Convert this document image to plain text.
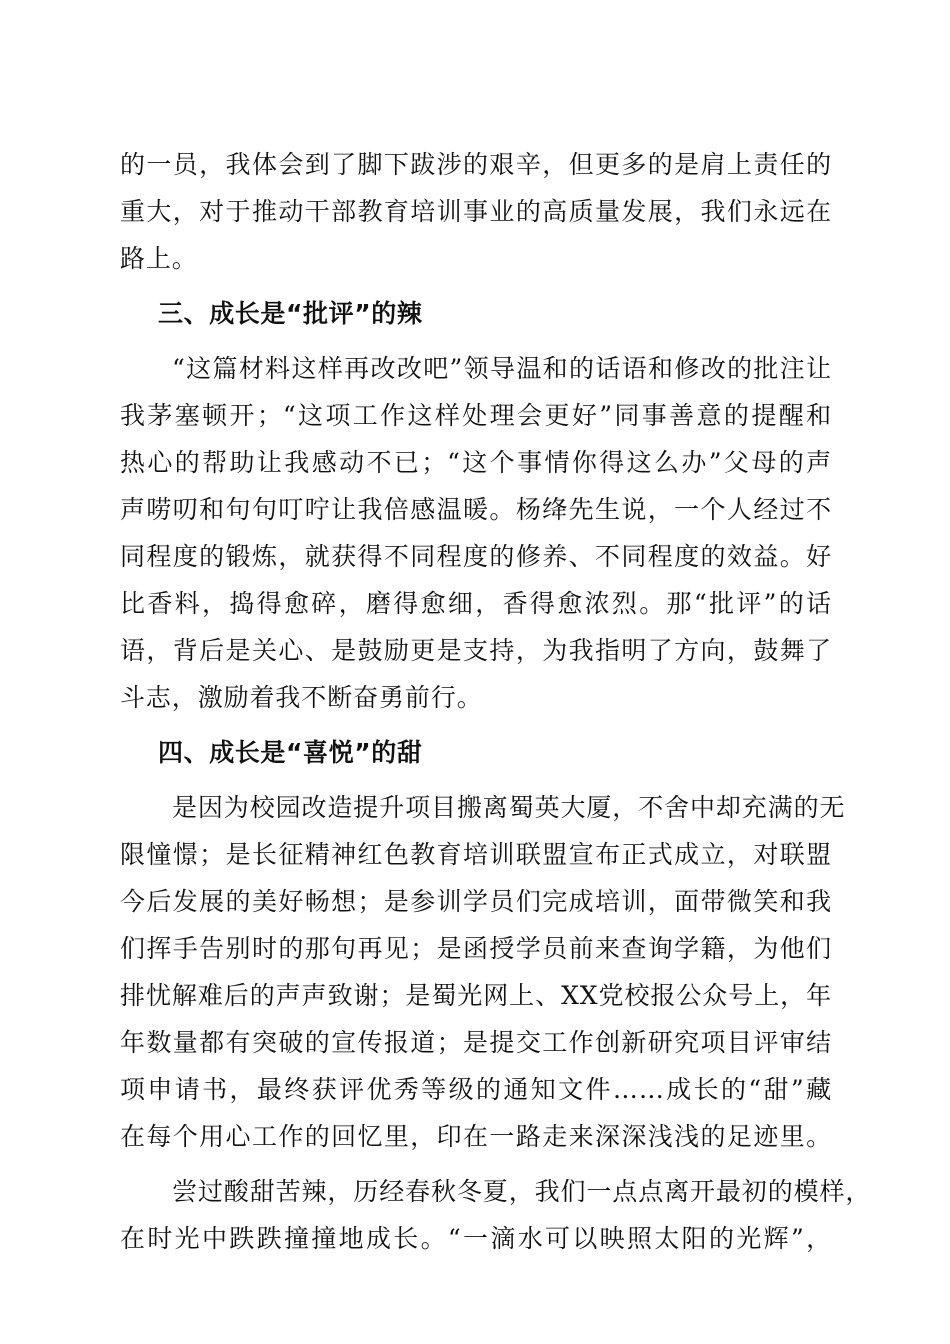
的一员，我体会到了脚下跋涉的艰辛，但更多的是肩上责任的
重大，对于推动干部教育培训事业的高质量发展，我们永远在
路上。
三、成长是“批评”的辣
“这篇材料这样再改改吧”领导温和的话语和修改的批注让
我茅塞顿开；“这项工作这样处理会更好”同事善意的提醒和
热心的帮助让我感动不已；“这个事情你得这么办”父母的声
声唠叨和句句叮咛让我倍感温暖。杨绛先生说，一个人经过不
同程度的锻炼，就获得不同程度的修养、不同程度的效益。好
比香料，捣得愈碎，磨得愈细，香得愈浓烈。那“批评”的话
语，背后是关心、是鼓励更是支持，为我指明了方向，鼓舞了
斗志，激励着我不断奋勇前行。
四、成长是“喜悦”的甜
是因为校园改造提升项目搬离蜀英大厦，不舍中却充满的无
限憧憬；是长征精神红色教育培训联盟宣布正式成立，对联盟
今后发展的美好畅想；是参训学员们完成培训，面带微笑和我
们挥手告别时的那句再见；是函授学员前来查询学籍，为他们
排忧解难后的声声致谢；是蜀光网上、XX党校报公众号上，年
年数量都有突破的宣传报道；是提交工作创新研究项目评审结
项申请书，最终获评优秀等级的通知文件……成长的“甜”藏
在每个用心工作的回忆里，印在一路走来深深浅浅的足迹里。
尝过酸甜苦辣，历经春秋冬夏，我们一点点离开最初的模样，
在时光中跌跌撞撞地成长。“一滴水可以映照太阳的光辉”，
